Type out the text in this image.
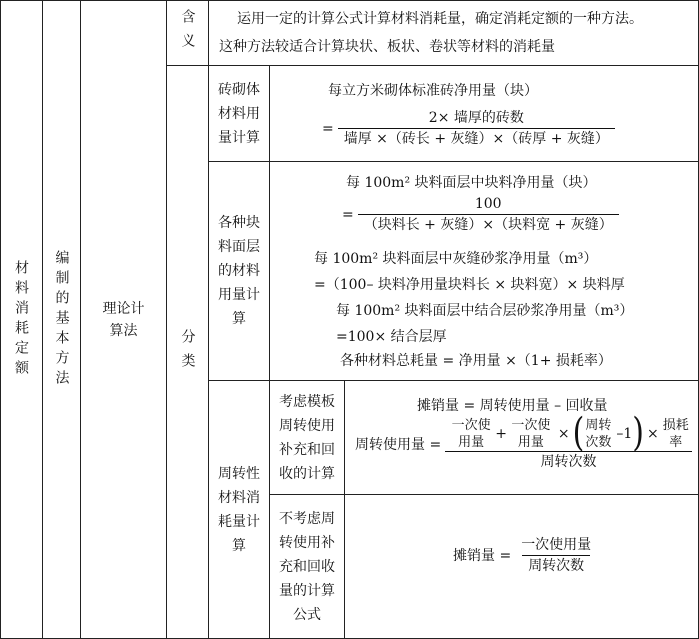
材料消耗定额 编制的基本方法 理论计算法
含义	运用一定的计算公式计算材料消耗量，确定消耗定额的一种方法。
这种方法较适合计算块状、板状、卷状等材料的消耗量
分类
砖砌体材料用量计算
每立方米砌体标准砖净用量（块）
= $\frac{\text{2× 墙厚的砖数}}{\text{墙厚 ×（砖长 + 灰缝）×（砖厚 + 灰缝）}}$
各种块料面层的材料用量计算
每 100m² 块料面层中块料净用量（块）
= $\frac{100}{\text{（块料长 + 灰缝）×（块料宽 + 灰缝）}}$
每 100m² 块料面层中灰缝砂浆净用量（m³）
=（100– 块料净用量块料长 × 块料宽）× 块料厚
每 100m² 块料面层中结合层砂浆净用量（m³）
=100× 结合层厚
各种材料总耗量 = 净用量 ×（1+ 损耗率）
周转性材料消耗量计算
考虑模板周转使用补充和回收的计算
摊销量 = 周转使用量 – 回收量
周转使用量 =
一次使用量
+
一次使用量
× ( 周转次数
–1 ) ×
损耗率
周转次数
不考虑周转使用补充和回收量的计算公式
摊销量 = $\frac{\text{一次使用量}}{\text{周转次数}}$
